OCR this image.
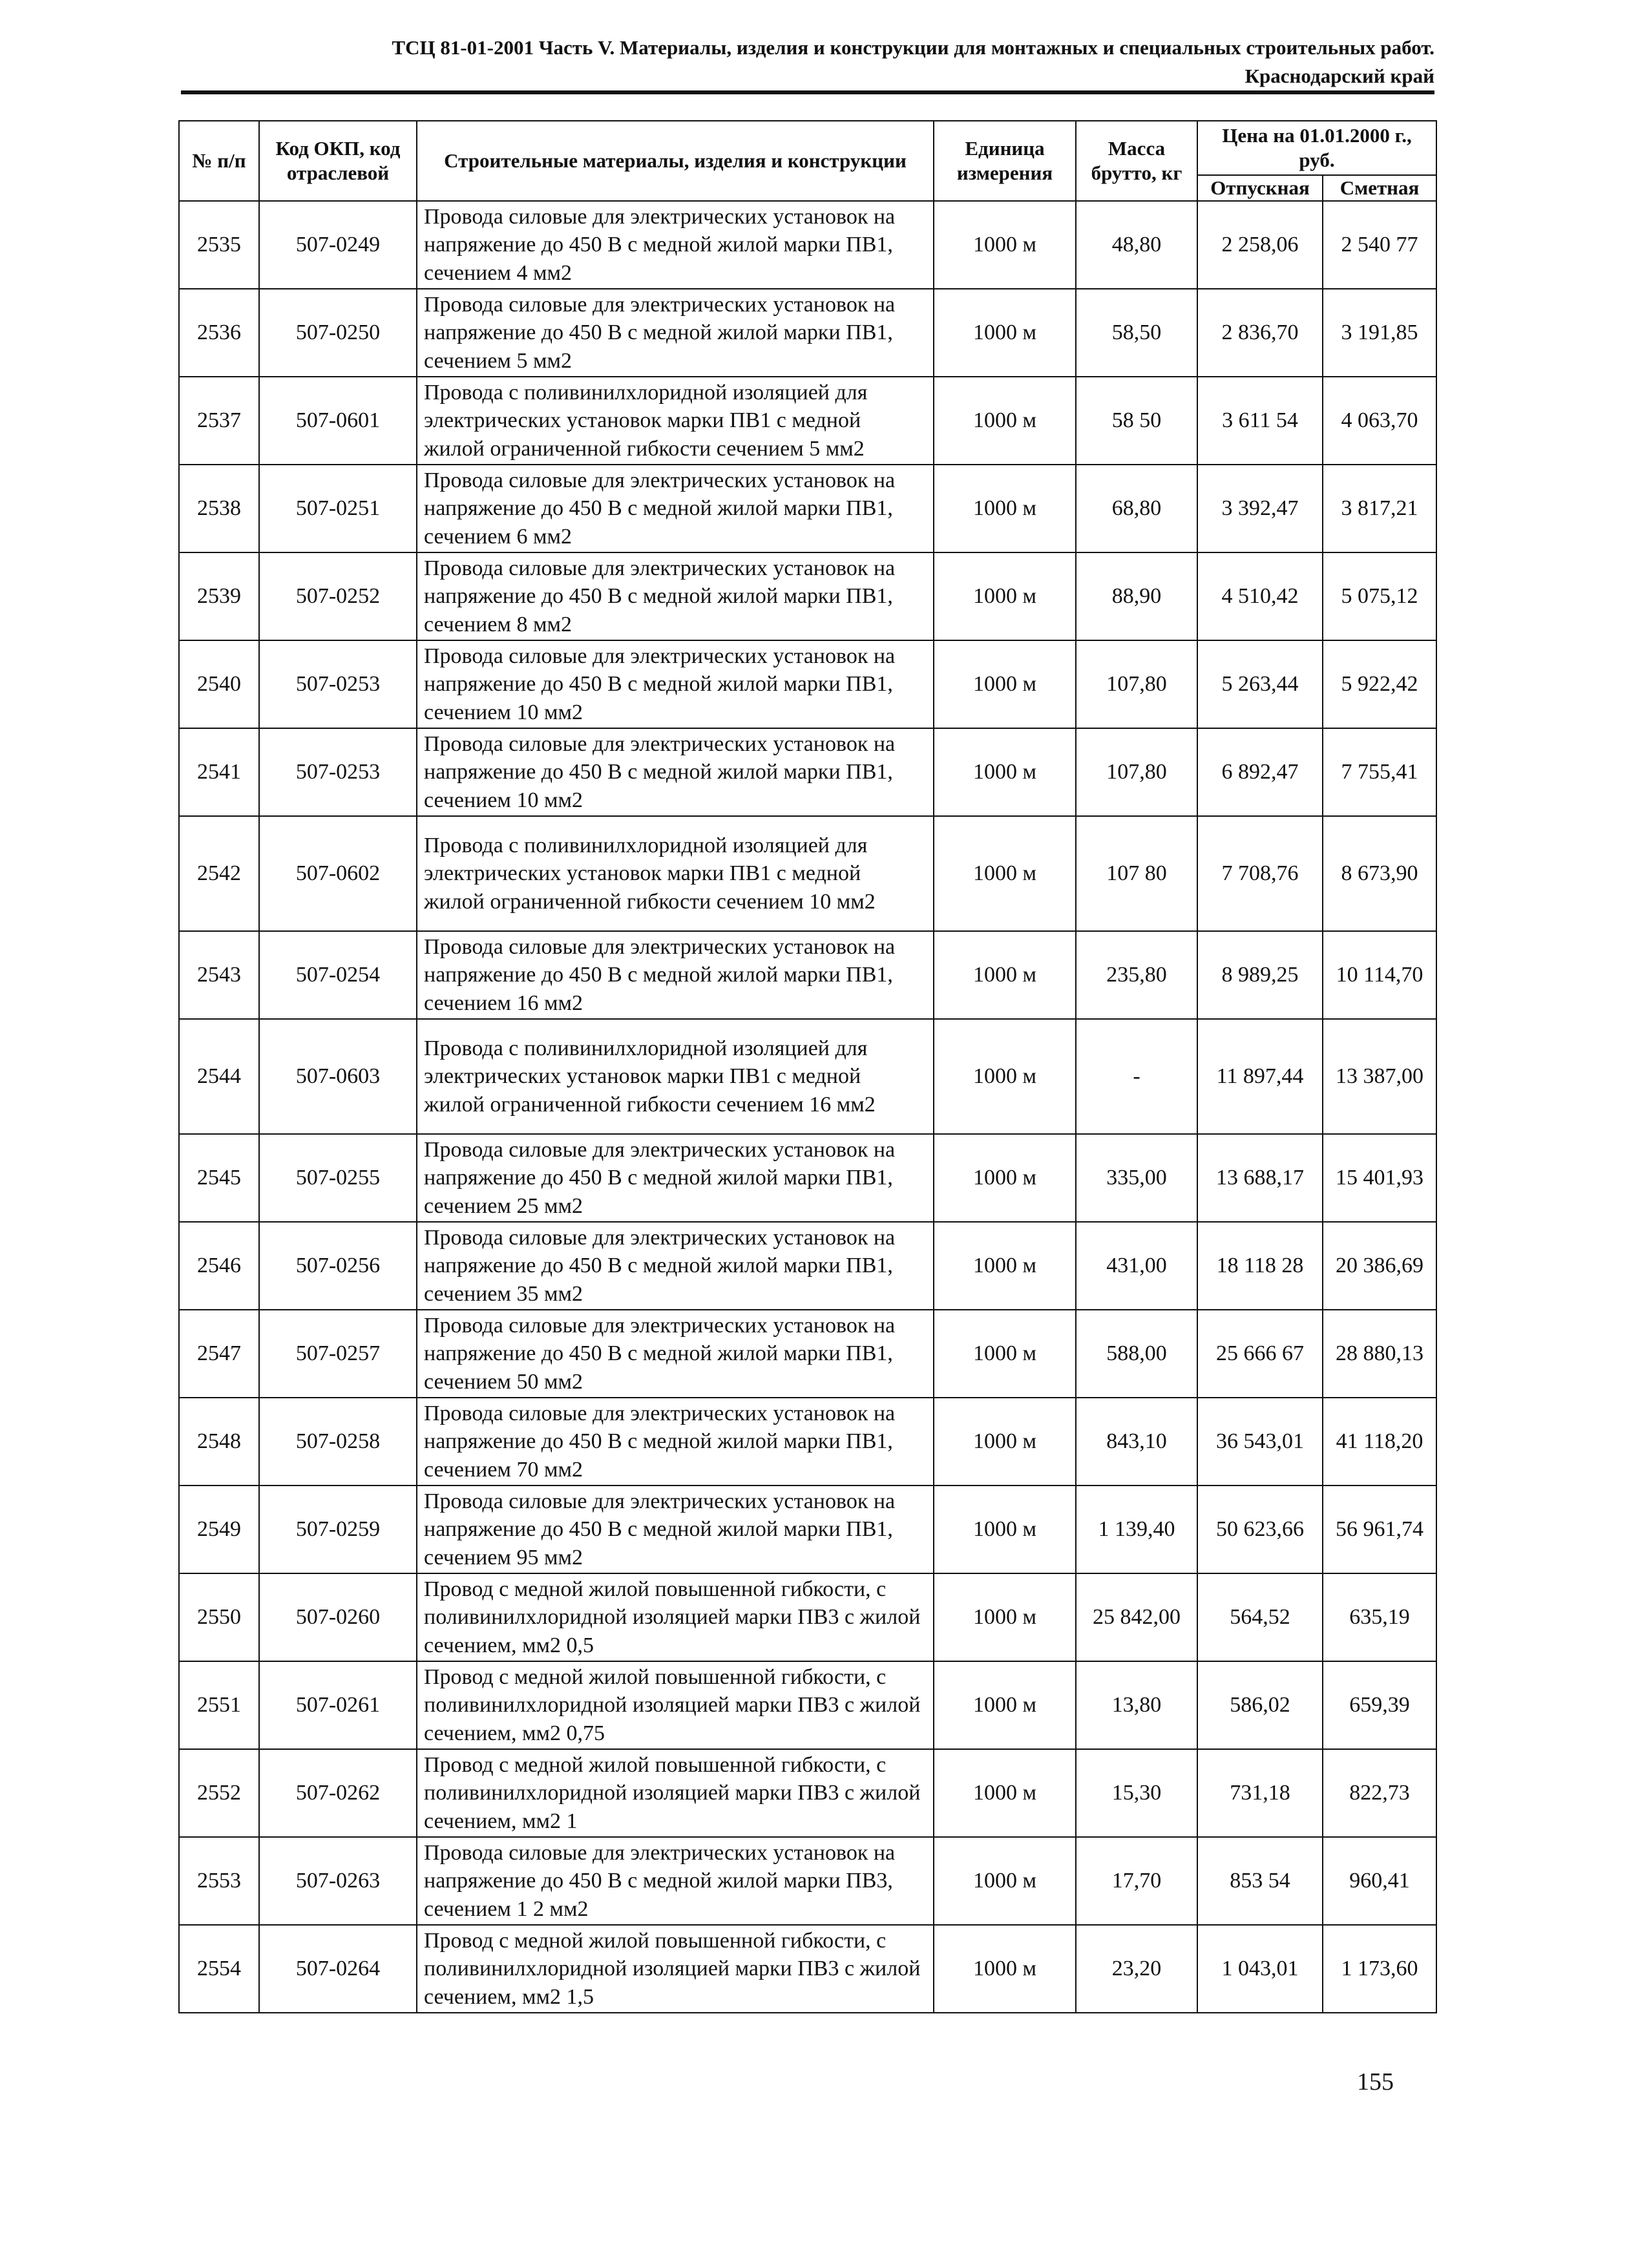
ТСЦ 81-01-2001 Часть V. Материалы, изделия и конструкции для монтажных и специальных строительных работ.
Краснодарский край
№ п/п	Код ОКП, код отраслевой	Строительные материалы, изделия и конструкции	Единица измерения	Масса брутто, кг	Цена на 01.01.2000 г., руб.	
					Отпускная	Сметная
2535	507-0249	Провода силовые для электрических установок на напряжение до 450 В с медной жилой марки ПВ1, сечением 4 мм2	1000 м	48,80	2 258,06	2 540 77
2536	507-0250	Провода силовые для электрических установок на напряжение до 450 В с медной жилой марки ПВ1, сечением 5 мм2	1000 м	58,50	2 836,70	3 191,85
2537	507-0601	Провода с поливинилхлоридной изоляцией для электрических установок марки ПВ1 с медной жилой ограниченной гибкости сечением 5 мм2	1000 м	58 50	3 611 54	4 063,70
2538	507-0251	Провода силовые для электрических установок на напряжение до 450 В с медной жилой марки ПВ1, сечением 6 мм2	1000 м	68,80	3 392,47	3 817,21
2539	507-0252	Провода силовые для электрических установок на напряжение до 450 В с медной жилой марки ПВ1, сечением 8 мм2	1000 м	88,90	4 510,42	5 075,12
2540	507-0253	Провода силовые для электрических установок на напряжение до 450 В с медной жилой марки ПВ1, сечением 10 мм2	1000 м	107,80	5 263,44	5 922,42
2541	507-0253	Провода силовые для электрических установок на напряжение до 450 В с медной жилой марки ПВ1, сечением 10 мм2	1000 м	107,80	6 892,47	7 755,41
2542	507-0602	Провода с поливинилхлоридной изоляцией для электрических установок марки ПВ1 с медной жилой ограниченной гибкости сечением 10 мм2	1000 м	107 80	7 708,76	8 673,90
2543	507-0254	Провода силовые для электрических установок на напряжение до 450 В с медной жилой марки ПВ1, сечением 16 мм2	1000 м	235,80	8 989,25	10 114,70
2544	507-0603	Провода с поливинилхлоридной изоляцией для электрических установок марки ПВ1 с медной жилой ограниченной гибкости сечением 16 мм2	1000 м	-	11 897,44	13 387,00
2545	507-0255	Провода силовые для электрических установок на напряжение до 450 В с медной жилой марки ПВ1, сечением 25 мм2	1000 м	335,00	13 688,17	15 401,93
2546	507-0256	Провода силовые для электрических установок на напряжение до 450 В с медной жилой марки ПВ1, сечением 35 мм2	1000 м	431,00	18 118 28	20 386,69
2547	507-0257	Провода силовые для электрических установок на напряжение до 450 В с медной жилой марки ПВ1, сечением 50 мм2	1000 м	588,00	25 666 67	28 880,13
2548	507-0258	Провода силовые для электрических установок на напряжение до 450 В с медной жилой марки ПВ1, сечением 70 мм2	1000 м	843,10	36 543,01	41 118,20
2549	507-0259	Провода силовые для электрических установок на напряжение до 450 В с медной жилой марки ПВ1, сечением 95 мм2	1000 м	1 139,40	50 623,66	56 961,74
2550	507-0260	Провод с медной жилой повышенной гибкости, с поливинилхлоридной изоляцией марки ПВ3 с жилой сечением, мм2 0,5	1000 м	25 842,00	564,52	635,19
2551	507-0261	Провод с медной жилой повышенной гибкости, с поливинилхлоридной изоляцией марки ПВ3 с жилой сечением, мм2 0,75	1000 м	13,80	586,02	659,39
2552	507-0262	Провод с медной жилой повышенной гибкости, с поливинилхлоридной изоляцией марки ПВ3 с жилой сечением, мм2 1	1000 м	15,30	731,18	822,73
2553	507-0263	Провода силовые для электрических установок на напряжение до 450 В с медной жилой марки ПВ3, сечением 1 2 мм2	1000 м	17,70	853 54	960,41
2554	507-0264	Провод с медной жилой повышенной гибкости, с поливинилхлоридной изоляцией марки ПВ3 с жилой сечением, мм2 1,5	1000 м	23,20	1 043,01	1 173,60
155
